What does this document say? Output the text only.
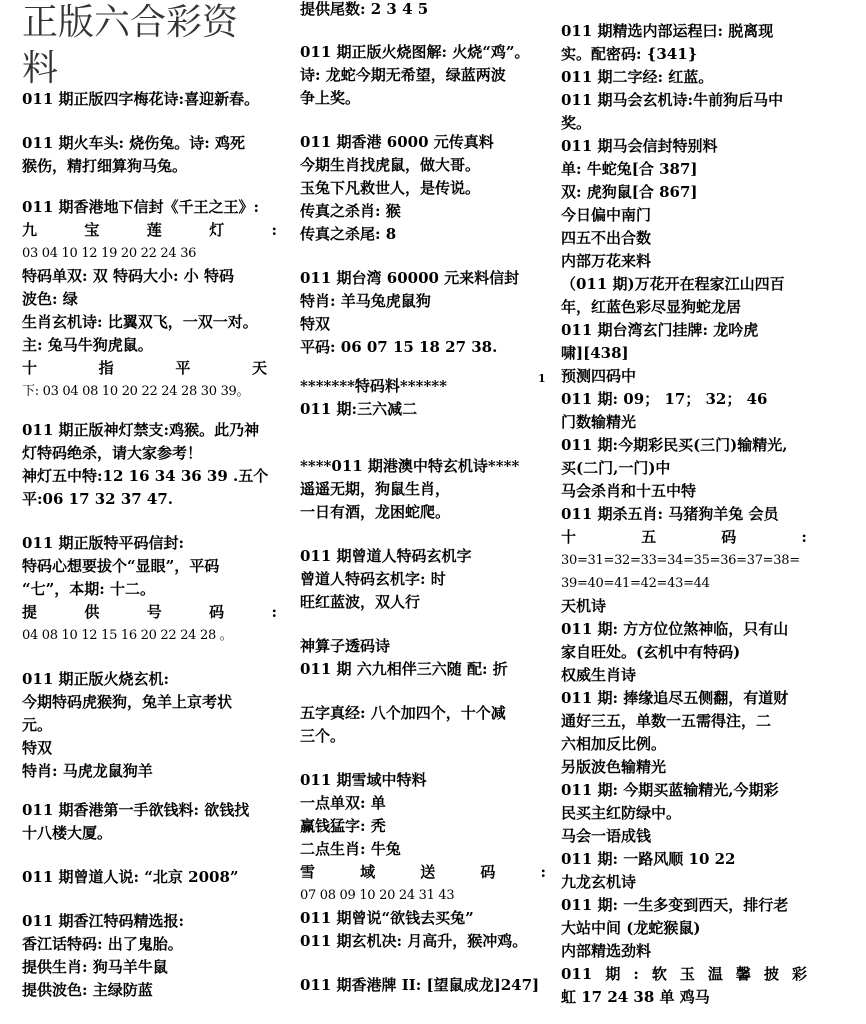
正版六合彩资
料
011 期正版四字梅花诗:喜迎新春。
011 期火车头: 烧伤兔。诗: 鸡死
猴伤，精打细算狗马兔。
011 期香港地下信封《千王之王》:
九	宝	莲	灯	:
03 04 10 12 19 20 22 24 36
特码单双: 双 特码大小: 小 特码
波色: 绿
生肖玄机诗: 比翼双飞，一双一对。
主: 兔马牛狗虎鼠。
十	指	平	天
下: 03 04 08 10 20 22 24 28 30 39。
011 期正版神灯禁支:鸡猴。此乃神
灯特码绝杀，请大家参考！
神灯五中特:12 16 34 36 39 .五个
平:06 17 32 37 47.
011 期正版特平码信封:
特码心想要拔个“显眼”，平码
“七”，本期: 十二。
提	供	号	码	:
04 08 10 12 15 16 20 22 24 28 。
011 期正版火烧玄机:
今期特码虎猴狗，兔羊上京考状
元。
特双
特肖: 马虎龙鼠狗羊
011 期香港第一手欲钱料: 欲钱找
十八楼大厦。
011 期曾道人说: “北京 2008”
011 期香江特码精选报:
香江话特码: 出了鬼胎。
提供生肖: 狗马羊牛鼠
提供波色: 主绿防蓝
提供尾数: 2 3 4 5
011 期正版火烧图解: 火烧“鸡”。
诗: 龙蛇今期无希望，绿蓝两波
争上奖。
011 期香港 6000 元传真料
今期生肖找虎鼠，做大哥。
玉兔下凡救世人，是传说。
传真之杀肖: 猴
传真之杀尾: 8
011 期台湾 60000 元来料信封
特肖: 羊马兔虎鼠狗
特双
平码: 06 07 15 18 27 38.
*******特码料******
011 期:三六减二
****011 期港澳中特玄机诗****
遥遥无期，狗鼠生肖，
一日有酒，龙困蛇爬。
011 期曾道人特码玄机字
曾道人特码玄机字: 时
旺红蓝波，双人行
神算子透码诗
011 期 六九相伴三六随 配: 折
五字真经: 八个加四个，十个减
三个。
011 期雪域中特料
一点单双: 单
赢钱猛字: 秃
二点生肖: 牛兔
雪	域	送	码	:
07 08 09 10 20 24 31 43
011 期曾说“欲钱去买兔”
011 期玄机决: 月高升，猴冲鸡。
011 期香港牌 II: [望鼠成龙]247]
1
011 期精选内部运程曰: 脱离现
实。配密码: {341}
011 期二字经: 红蓝。
011 期马会玄机诗:牛前狗后马中
奖。
011 期马会信封特别料
单: 牛蛇兔[合 387]
双: 虎狗鼠[合 867]
今日偏中南门
四五不出合数
内部万花来料
（011 期)万花开在程家江山四百
年，红蓝色彩尽显狗蛇龙居
011 期台湾玄门挂牌: 龙吟虎
啸][438]
预测四码中
011 期: 09； 17； 32； 46
门数输精光
011 期:今期彩民买(三门)输精光,
买(二门,一门)中
马会杀肖和十五中特
011 期杀五肖: 马猪狗羊兔 会员
十	五	码	:
30=31=32=33=34=35=36=37=38=
39=40=41=42=43=44
天机诗
011 期: 方方位位煞神临，只有山
家自旺处。(玄机中有特码)
权威生肖诗
011 期: 捧缘追尽五侧翻，有道财
通好三五，单数一五需得注，二
六相加反比例。
另版波色输精光
011 期: 今期买蓝输精光,今期彩
民买主红防绿中。
马会一语成钱
011 期: 一路风顺 10 22
九龙玄机诗
011 期: 一生多变到西天，排行老
大站中间 (龙蛇猴鼠)
内部精选劲料
011 期 : 软 玉 温 馨 披 彩
虹 17 24 38 单 鸡马
